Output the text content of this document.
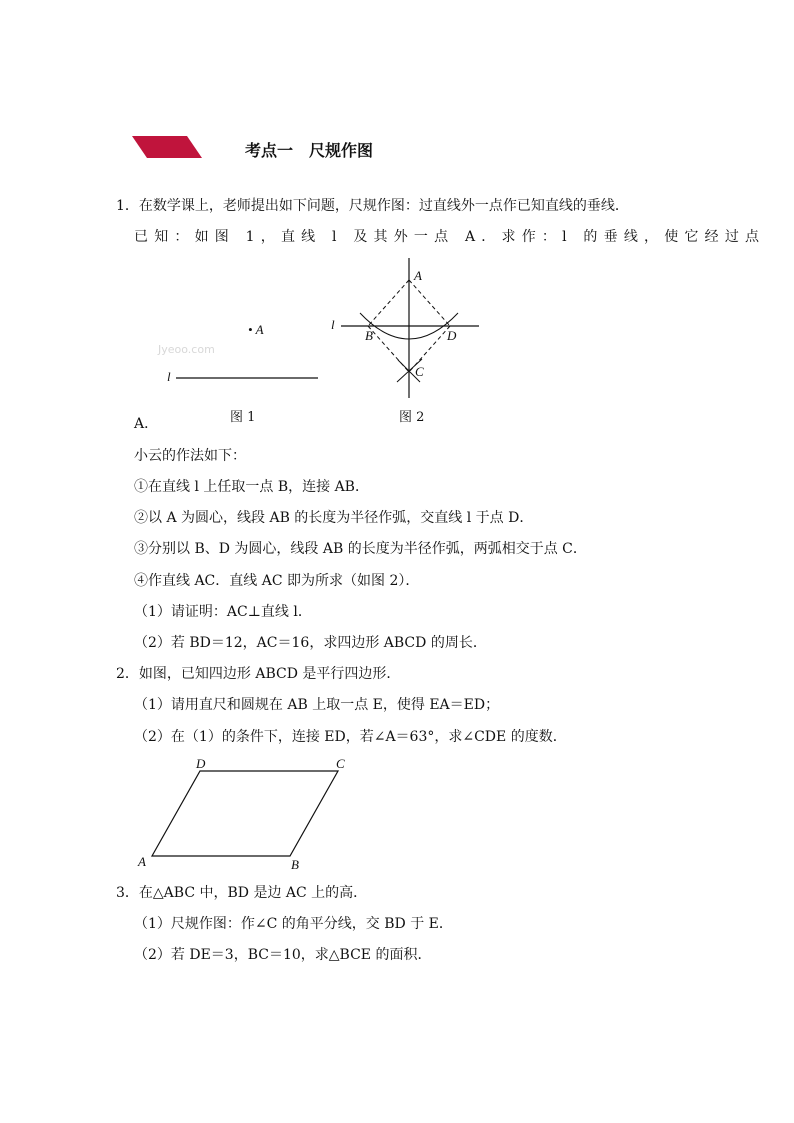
考点一　尺规作图
1．在数学课上，老师提出如下问题，尺规作图：过直线外一点作已知直线的垂线．
已知：如图 1，直线 l 及其外一点 A．求作：l 的垂线，使它经过点
• A
l
Jyeoo.com
图 1
A
B	D
C
l
图 2
A．
小云的作法如下：
①在直线 l 上任取一点 B，连接 AB．
②以 A 为圆心，线段 AB 的长度为半径作弧，交直线 l 于点 D．
③分别以 B、D 为圆心，线段 AB 的长度为半径作弧，两弧相交于点 C．
④作直线 AC．直线 AC 即为所求（如图 2）．
（1）请证明：AC⊥直线 l．
（2）若 BD＝12，AC＝16，求四边形 ABCD 的周长．
2．如图，已知四边形 ABCD 是平行四边形．
（1）请用直尺和圆规在 AB 上取一点 E，使得 EA＝ED；
（2）在（1）的条件下，连接 ED，若∠A＝63°，求∠CDE 的度数．
A	B
C
D
3．在△ABC 中，BD 是边 AC 上的高．
（1）尺规作图：作∠C 的角平分线，交 BD 于 E．
（2）若 DE＝3，BC＝10，求△BCE 的面积．
